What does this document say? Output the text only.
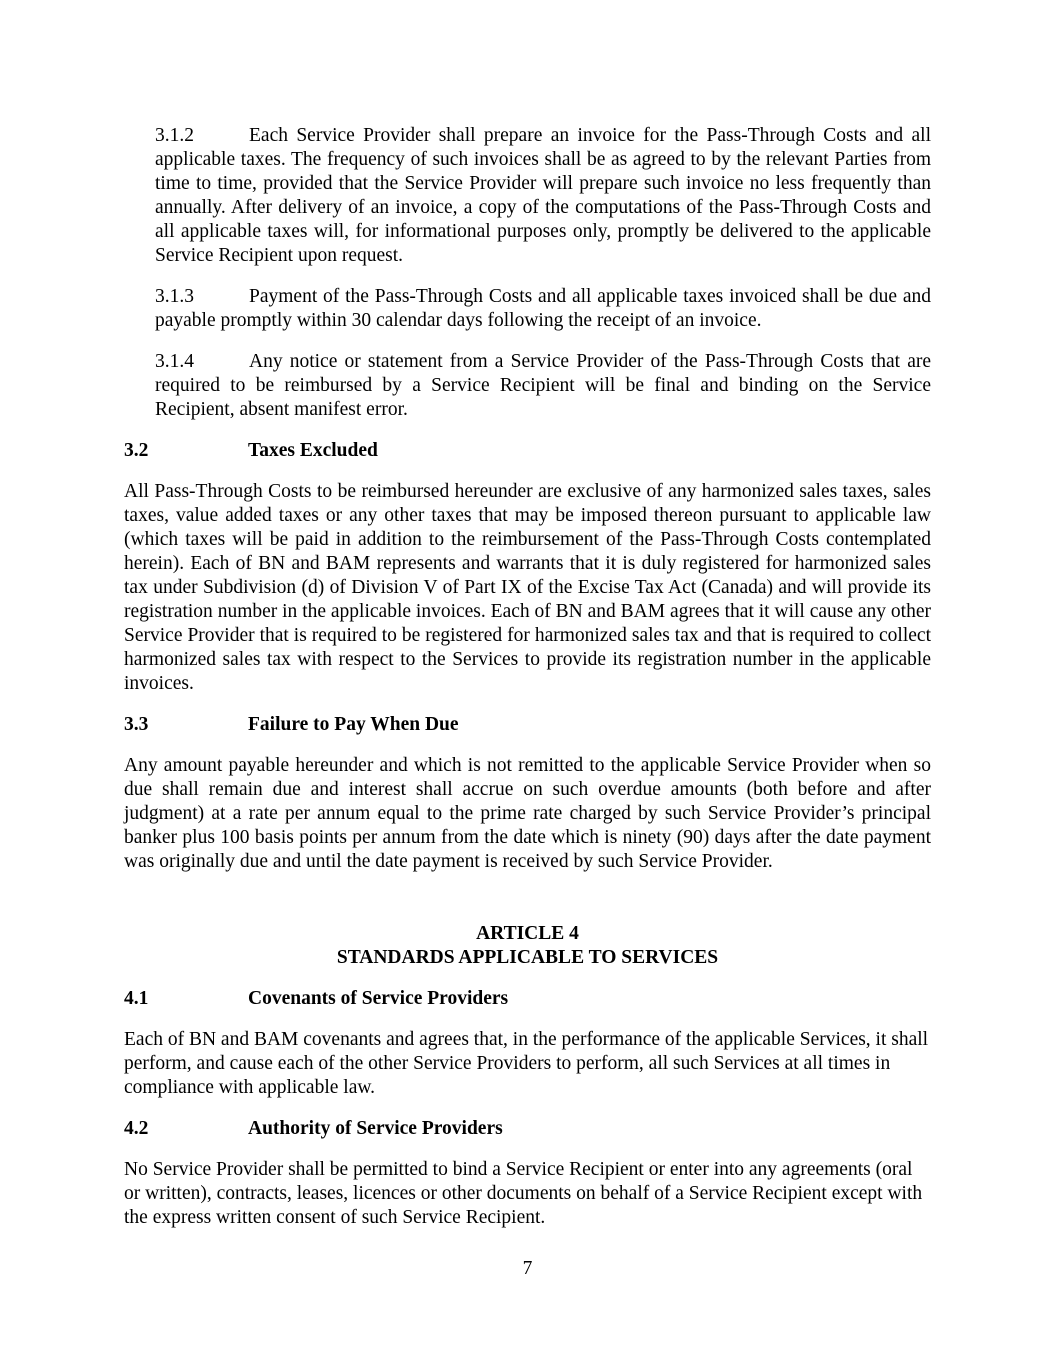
3.1.2	Each Service Provider shall prepare an invoice for the Pass-Through Costs and all applicable taxes. The frequency of such invoices shall be as agreed to by the relevant Parties from time to time, provided that the Service Provider will prepare such invoice no less frequently than annually. After delivery of an invoice, a copy of the computations of the Pass-Through Costs and all applicable taxes will, for informational purposes only, promptly be delivered to the applicable Service Recipient upon request.
3.1.3	Payment of the Pass-Through Costs and all applicable taxes invoiced shall be due and payable promptly within 30 calendar days following the receipt of an invoice.
3.1.4	Any notice or statement from a Service Provider of the Pass-Through Costs that are required to be reimbursed by a Service Recipient will be final and binding on the Service Recipient, absent manifest error.
3.2	Taxes Excluded

All Pass-Through Costs to be reimbursed hereunder are exclusive of any harmonized sales taxes, sales taxes, value added taxes or any other taxes that may be imposed thereon pursuant to applicable law (which taxes will be paid in addition to the reimbursement of the Pass-Through Costs contemplated herein). Each of BN and BAM represents and warrants that it is duly registered for harmonized sales tax under Subdivision (d) of Division V of Part IX of the Excise Tax Act (Canada) and will provide its registration number in the applicable invoices. Each of BN and BAM agrees that it will cause any other Service Provider that is required to be registered for harmonized sales tax and that is required to collect harmonized sales tax with respect to the Services to provide its registration number in the applicable invoices.

3.3	Failure to Pay When Due

Any amount payable hereunder and which is not remitted to the applicable Service Provider when so due shall remain due and interest shall accrue on such overdue amounts (both before and after judgment) at a rate per annum equal to the prime rate charged by such Service Provider’s principal banker plus 100 basis points per annum from the date which is ninety (90) days after the date payment was originally due and until the date payment is received by such Service Provider.

ARTICLE 4
STANDARDS APPLICABLE TO SERVICES
4.1	Covenants of Service Providers

Each of BN and BAM covenants and agrees that, in the performance of the applicable Services, it shall perform, and cause each of the other Service Providers to perform, all such Services at all times in compliance with applicable law.

4.2	Authority of Service Providers

No Service Provider shall be permitted to bind a Service Recipient or enter into any agreements (oral or written), contracts, leases, licences or other documents on behalf of a Service Recipient except with the express written consent of such Service Recipient.

7
